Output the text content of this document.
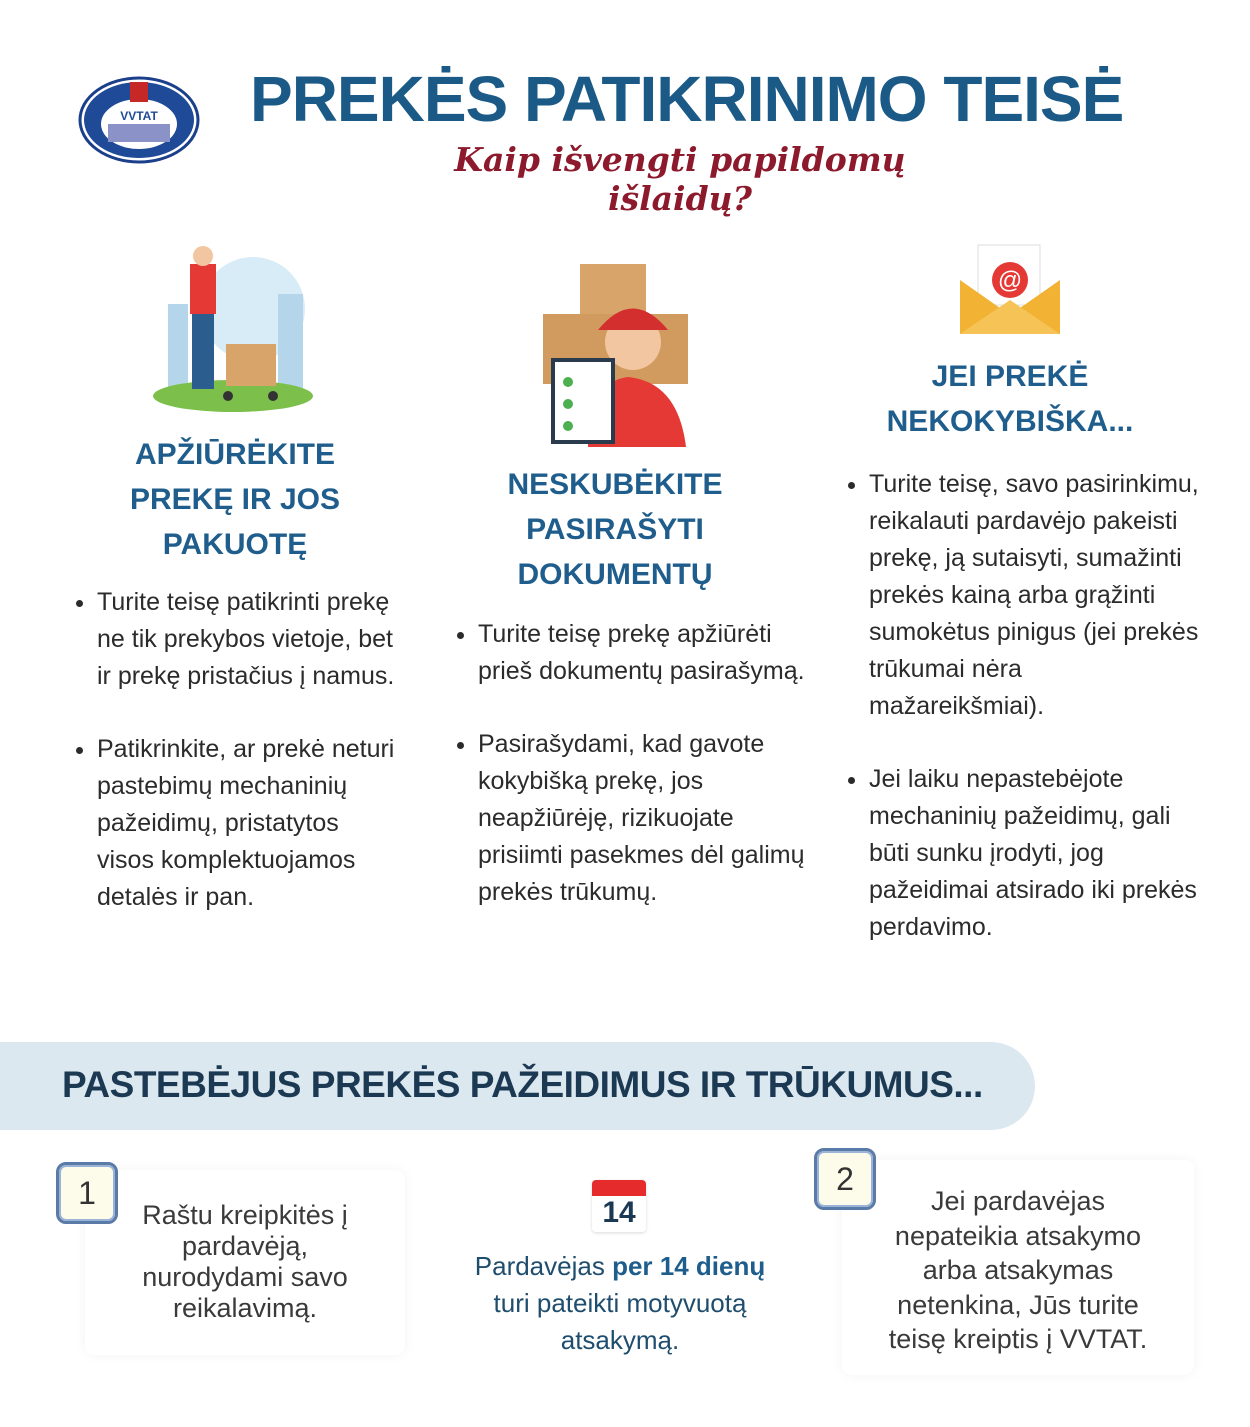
VVTAT PREKĖS PATIKRINIMO TEISĖ
Kaip išvengti papildomų išlaidų?
@
APŽIŪRĖKITE
PREKĘ IR JOS
PAKUOTĘ
• Turite teisę patikrinti prekę ne tik prekybos vietoje, bet ir prekę pristačius į namus.
• Patikrinkite, ar prekė neturi pastebimų mechaninių pažeidimų, pristatytos visos komplektuojamos detalės ir pan.
NESKUBĖKITE
PASIRAŠYTI
DOKUMENTŲ
• Turite teisę prekę apžiūrėti prieš dokumentų pasirašymą.
• Pasirašydami, kad gavote kokybišką prekę, jos neapžiūrėję, rizikuojate prisiimti pasekmes dėl galimų prekės trūkumų.
JEI PREKĖ
NEKOKYBIŠKA...
• Turite teisę, savo pasirinkimu, reikalauti pardavėjo pakeisti prekę, ją sutaisyti, sumažinti prekės kainą arba grąžinti sumokėtus pinigus (jei prekės trūkumai nėra mažareikšmiai).
• Jei laiku nepastebėjote mechaninių pažeidimų, gali būti sunku įrodyti, jog pažeidimai atsirado iki prekės perdavimo.
PASTEBĖJUS PREKĖS PAŽEIDIMUS IR TRŪKUMUS...
Raštu kreipkitės į pardavėją, nurodydami savo reikalavimą.
1
14
Pardavėjas per 14 dienų turi pateikti motyvuotą atsakymą.
Jei pardavėjas nepateikia atsakymo arba atsakymas netenkina, Jūs turite teisę kreiptis į VVTAT.
2
